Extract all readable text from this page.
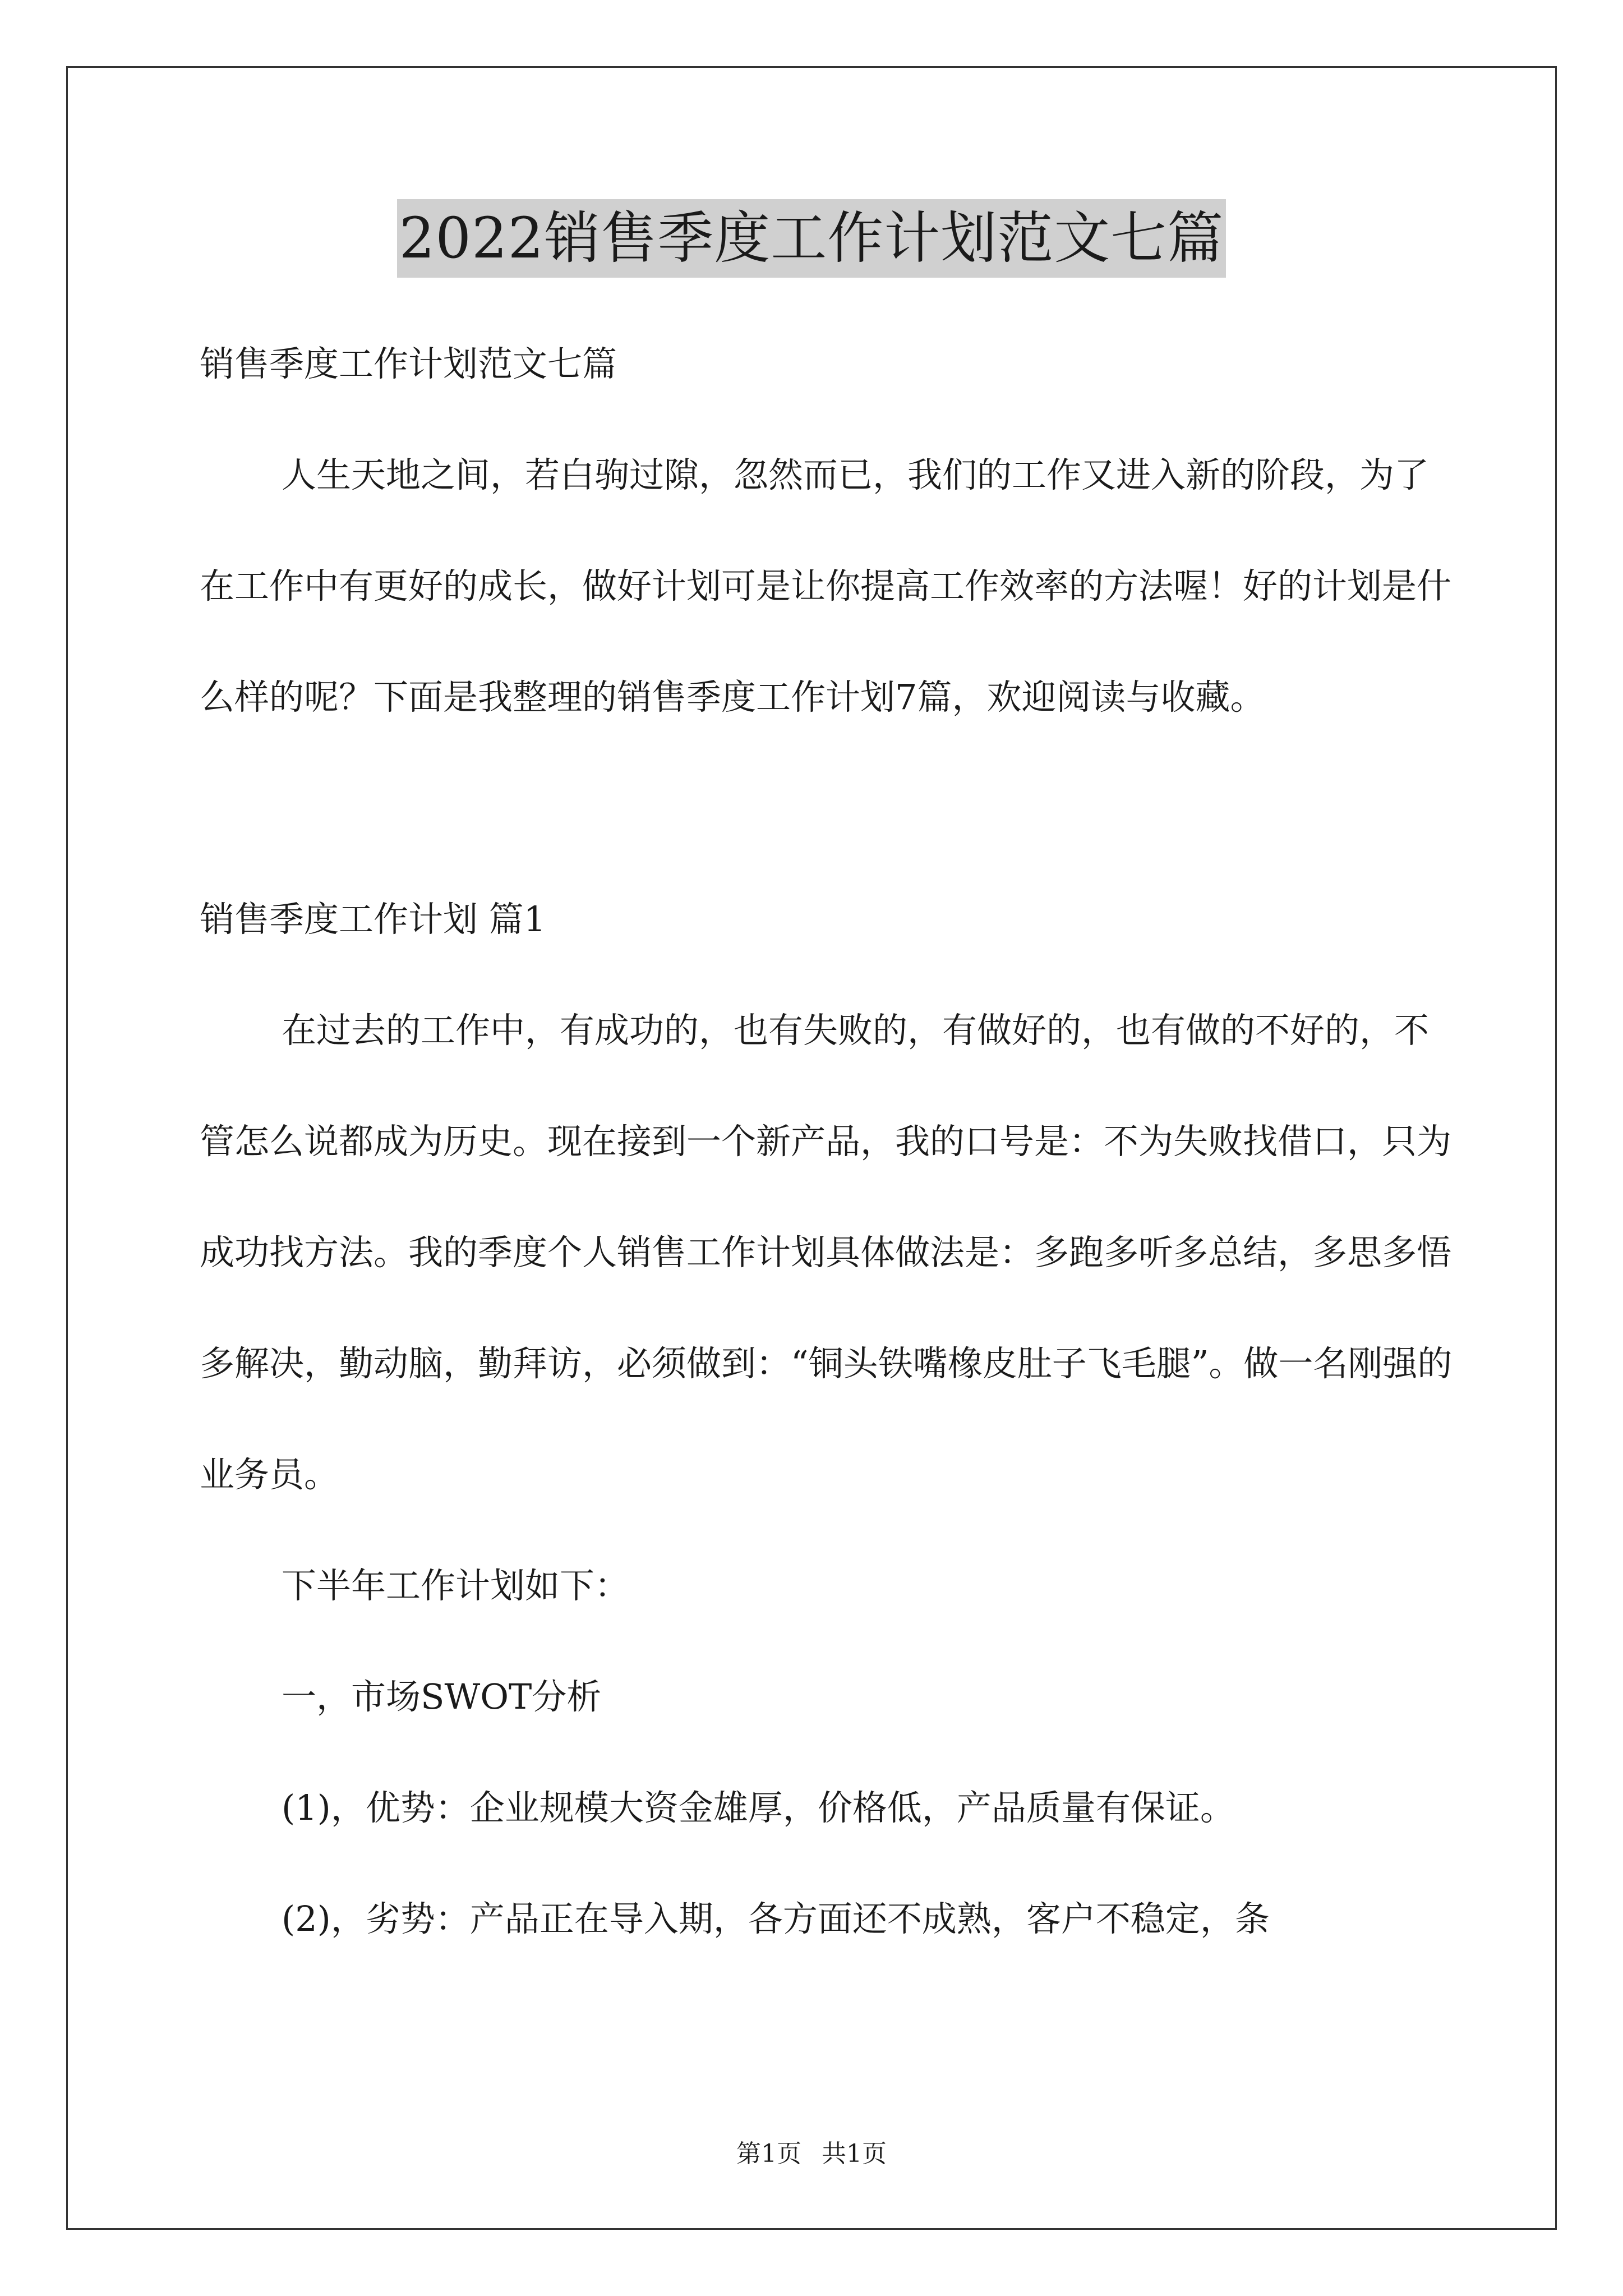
2022销售季度工作计划范文七篇

销售季度工作计划范文七篇

人生天地之间，若白驹过隙，忽然而已，我们的工作又进入新的阶段，为了在工作中有更好的成长，做好计划可是让你提高工作效率的方法喔！好的计划是什么样的呢？下面是我整理的销售季度工作计划7篇，欢迎阅读与收藏。

销售季度工作计划 篇1

在过去的工作中，有成功的，也有失败的，有做好的，也有做的不好的，不管怎么说都成为历史。现在接到一个新产品，我的口号是：不为失败找借口，只为成功找方法。我的季度个人销售工作计划具体做法是：多跑多听多总结，多思多悟多解决，勤动脑，勤拜访，必须做到：“铜头铁嘴橡皮肚子飞毛腿”。做一名刚强的业务员。

下半年工作计划如下：

一，市场SWOT分析

(1)，优势：企业规模大资金雄厚，价格低，产品质量有保证。

(2)，劣势：产品正在导入期，各方面还不成熟，客户不稳定，条

第1页 共1页
